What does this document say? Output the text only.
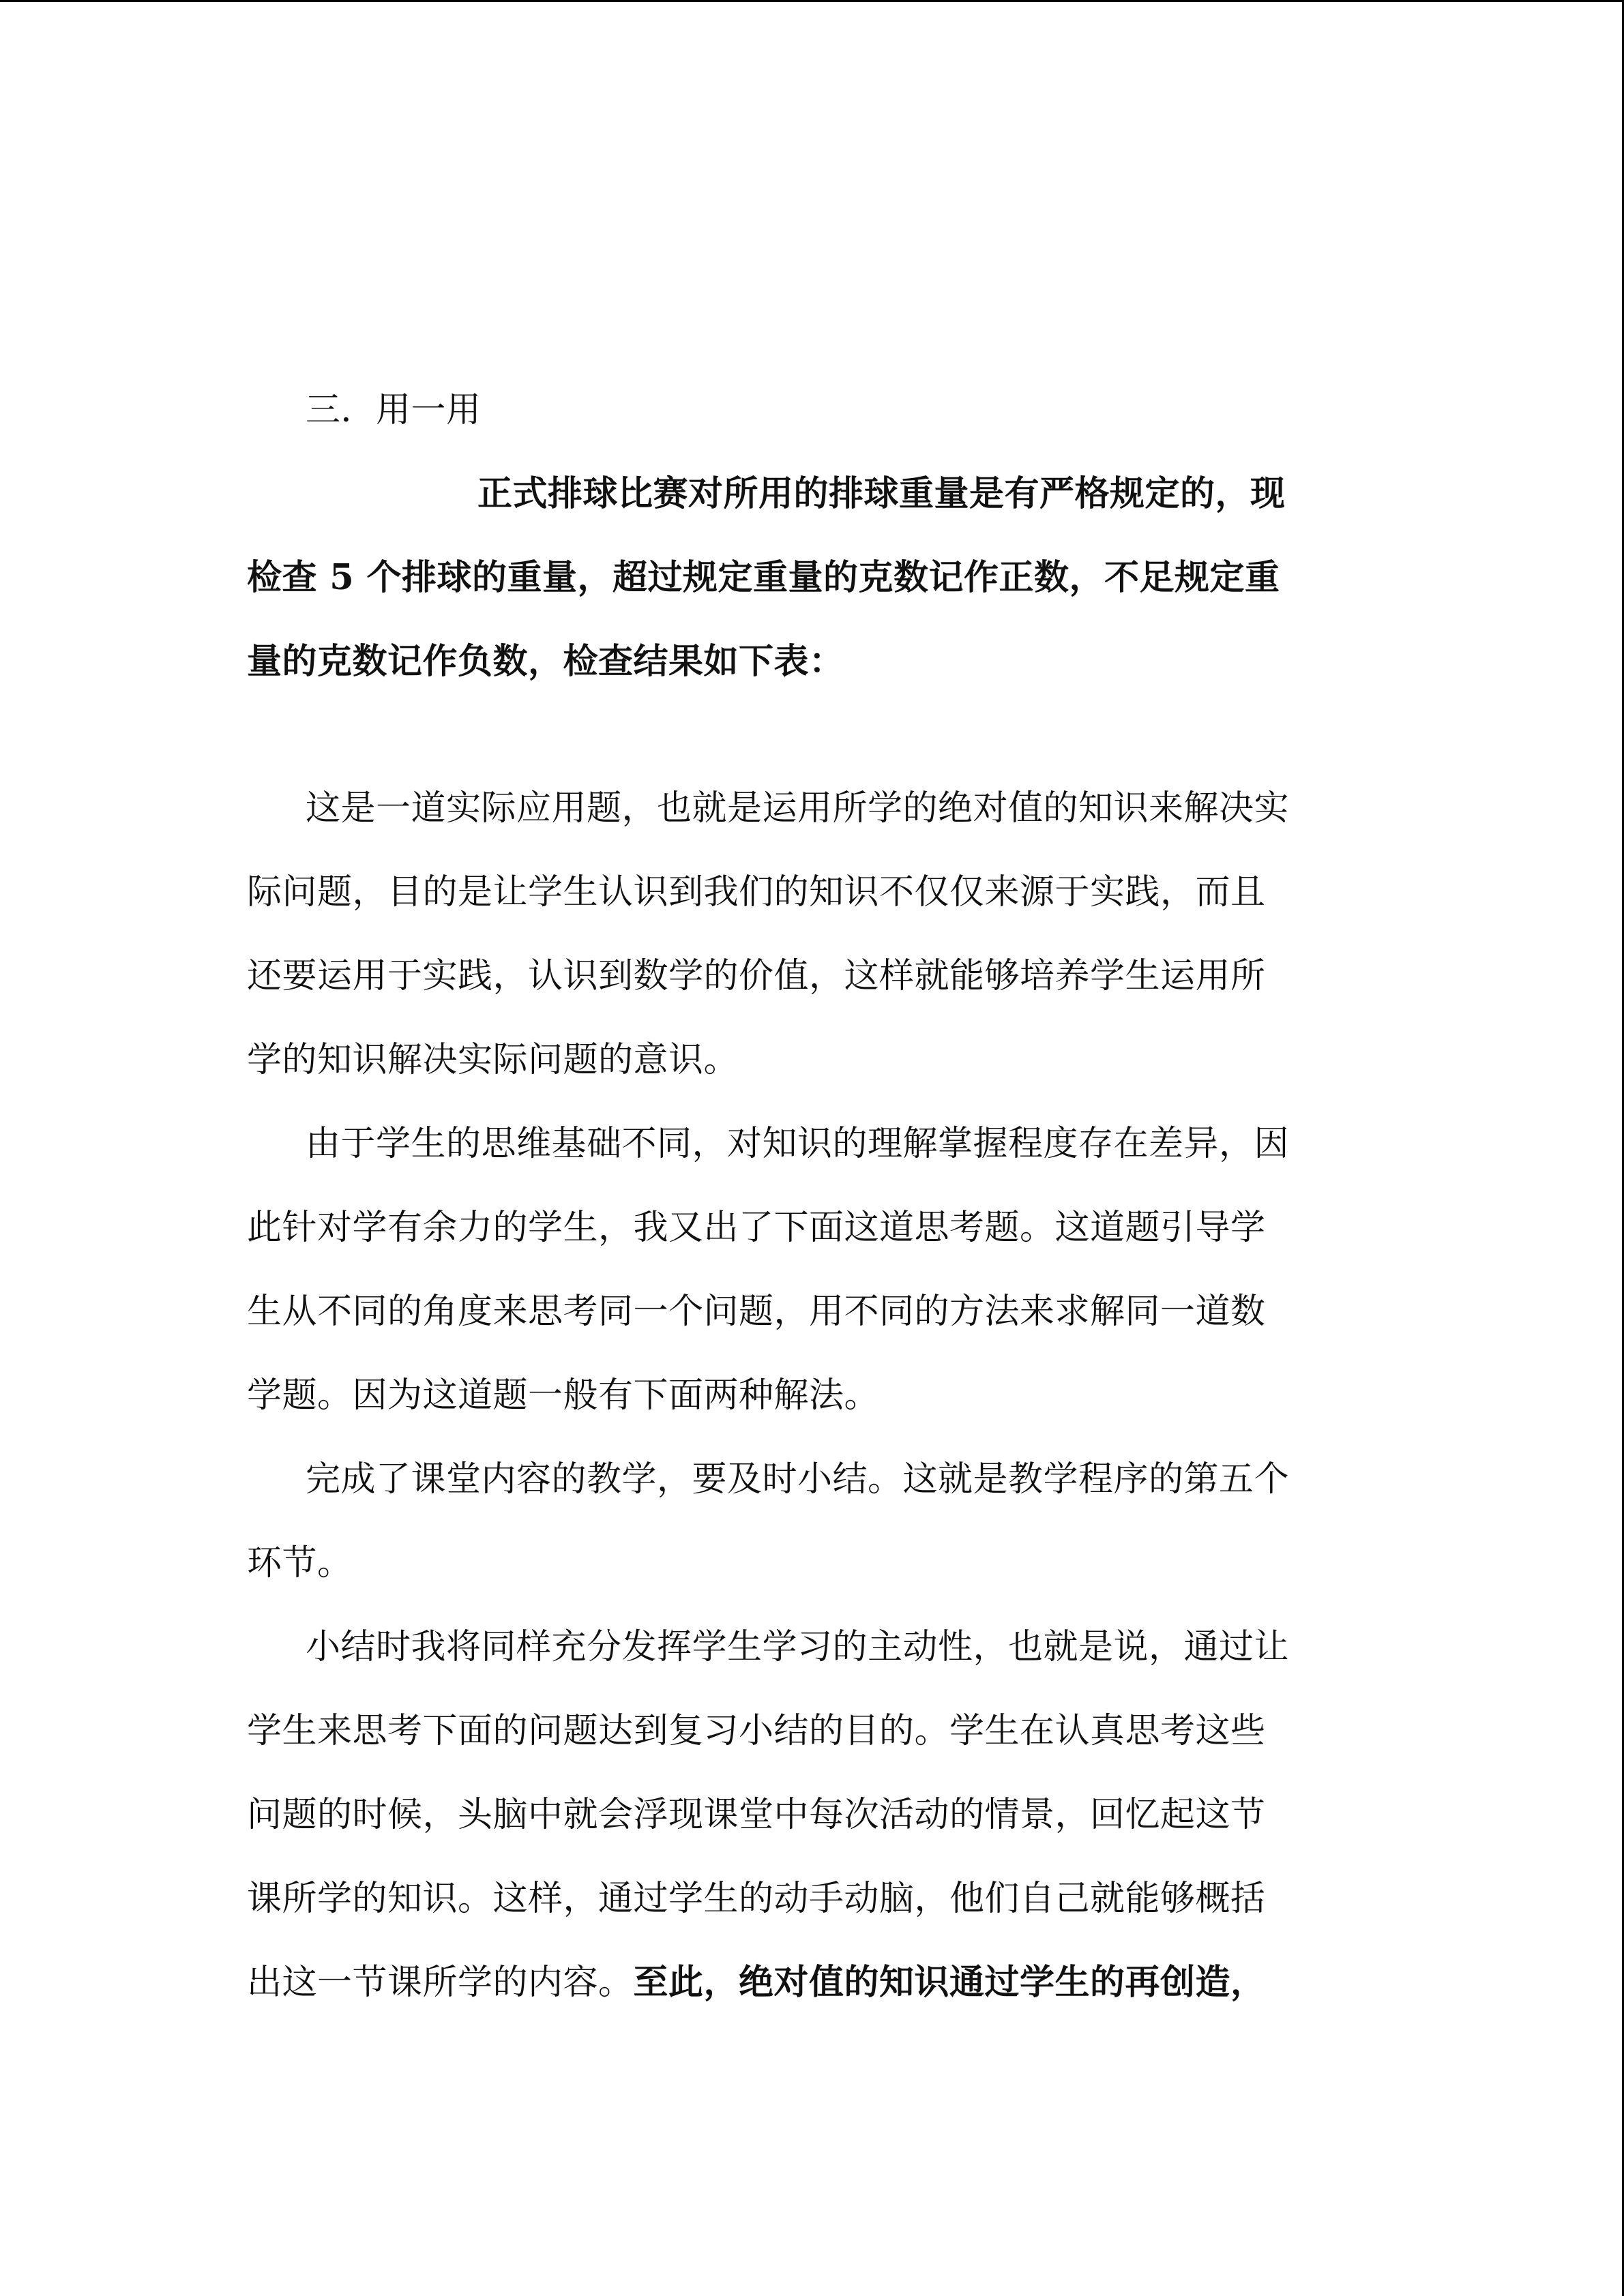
三．用一用
正式排球比赛对所用的排球重量是有严格规定的，现
检查 5 个排球的重量，超过规定重量的克数记作正数，不足规定重
量的克数记作负数，检查结果如下表：
这是一道实际应用题，也就是运用所学的绝对值的知识来解决实
际问题，目的是让学生认识到我们的知识不仅仅来源于实践，而且
还要运用于实践，认识到数学的价值，这样就能够培养学生运用所
学的知识解决实际问题的意识。
由于学生的思维基础不同，对知识的理解掌握程度存在差异，因
此针对学有余力的学生，我又出了下面这道思考题。这道题引导学
生从不同的角度来思考同一个问题，用不同的方法来求解同一道数
学题。因为这道题一般有下面两种解法。
完成了课堂内容的教学，要及时小结。这就是教学程序的第五个
环节。
小结时我将同样充分发挥学生学习的主动性，也就是说，通过让
学生来思考下面的问题达到复习小结的目的。学生在认真思考这些
问题的时候，头脑中就会浮现课堂中每次活动的情景，回忆起这节
课所学的知识。这样，通过学生的动手动脑，他们自己就能够概括
出这一节课所学的内容。至此，绝对值的知识通过学生的再创造，
